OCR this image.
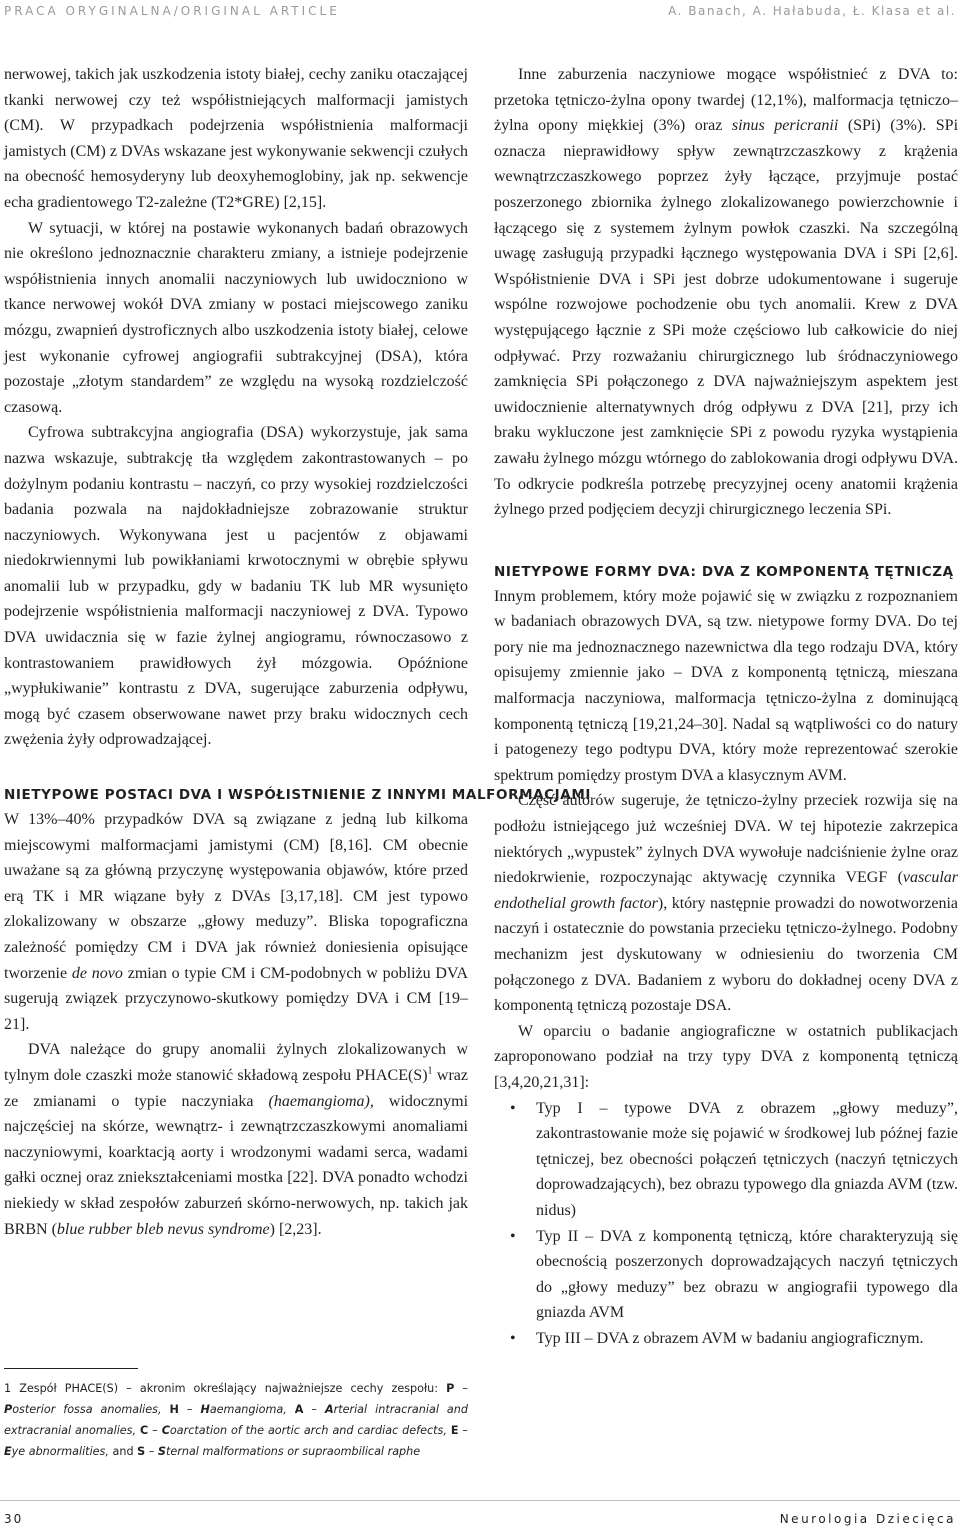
PRACA ORYGINALNA/ORIGINAL ARTICLE	A. Banach, A. Hałabuda, Ł. Klasa et al.

nerwowej, takich jak uszkodzenia istoty białej, cechy zaniku otaczającej tkanki nerwowej czy też współistniejących malformacji jamistych (CM). W przypadkach podejrzenia współistnienia malformacji jamistych (CM) z DVAs wskazane jest wykonywanie sekwencji czułych na obecność hemosyderyny lub deoxyhemoglobiny, jak np. sekwencje echa gradientowego T2-zależne (T2*GRE) [2,15].

W sytuacji, w której na postawie wykonanych badań obrazowych nie określono jednoznacznie charakteru zmiany, a istnieje podejrzenie współistnienia innych anomalii naczyniowych lub uwidoczniono w tkance nerwowej wokół DVA zmiany w postaci miejscowego zaniku mózgu, zwapnień dystroficznych albo uszkodzenia istoty białej, celowe jest wykonanie cyfrowej angiografii subtrakcyjnej (DSA), która pozostaje „złotym standardem” ze względu na wysoką rozdzielczość czasową.

Cyfrowa subtrakcyjna angiografia (DSA) wykorzystuje, jak sama nazwa wskazuje, subtrakcję tła względem zakontrastowanych – po dożylnym podaniu kontrastu – naczyń, co przy wysokiej rozdzielczości badania pozwala na najdokładniejsze zobrazowanie struktur naczyniowych. Wykonywana jest u pacjentów z objawami niedokrwiennymi lub powikłaniami krwotocznymi w obrębie spływu anomalii lub w przypadku, gdy w badaniu TK lub MR wysunięto podejrzenie współistnienia malformacji naczyniowej z DVA. Typowo DVA uwidacznia się w fazie żylnej angiogramu, równoczasowo z kontrastowaniem prawidłowych żył mózgowia. Opóźnione „wypłukiwanie” kontrastu z DVA, sugerujące zaburzenia odpływu, mogą być czasem obserwowane nawet przy braku widocznych cech zwężenia żyły odprowadzającej.

NIETYPOWE POSTACI DVA I WSPÓŁISTNIENIE Z INNYMI MALFORMACJAMI

W 13%–40% przypadków DVA są związane z jedną lub kilkoma miejscowymi malformacjami jamistymi (CM) [8,16]. CM obecnie uważane są za główną przyczynę występowania objawów, które przed erą TK i MR wiązane były z DVAs [3,17,18]. CM jest typowo zlokalizowany w obszarze „głowy meduzy”. Bliska topograficzna zależność pomiędzy CM i DVA jak również doniesienia opisujące tworzenie de novo zmian o typie CM i CM-podobnych w pobliżu DVA sugerują związek przyczynowo-skutkowy pomiędzy DVA i CM [19–21].

DVA należące do grupy anomalii żylnych zlokalizowanych w tylnym dole czaszki może stanowić składową zespołu $PHACE(S)^1$ wraz ze zmianami o typie naczyniaka (haemangioma), widocznymi najczęściej na skórze, wewnątrz- i zewnątrzczaszkowymi anomaliami naczyniowymi, koarktacją aorty i wrodzonymi wadami serca, wadami gałki ocznej oraz zniekształceniami mostka [22]. DVA ponadto wchodzi niekiedy w skład zespołów zaburzeń skórno-nerwowych, np. takich jak BRBN (blue rubber bleb nevus syndrome) [2,23].

1 Zespół PHACE(S) – akronim określający najważniejsze cechy zespołu: P – Posterior fossa anomalies, H – Haemangioma, A – Arterial intracranial and extracranial anomalies, C – Coarctation of the aortic arch and cardiac defects, E – Eye abnormalities, and S – Sternal malformations or supraombilical raphe

Inne zaburzenia naczyniowe mogące współistnieć z DVA to: przetoka tętniczo-żylna opony twardej (12,1%), malformacja tętniczo–żylna opony miękkiej (3%) oraz sinus pericranii (SPi) (3%). SPi oznacza nieprawidłowy spływ zewnątrzczaszkowy z krążenia wewnątrzczaszkowego poprzez żyły łączące, przyjmuje postać poszerzonego zbiornika żylnego zlokalizowanego powierzchownie i łączącego się z systemem żylnym powłok czaszki. Na szczególną uwagę zasługują przypadki łącznego występowania DVA i SPi [2,6]. Współistnienie DVA i SPi jest dobrze udokumentowane i sugeruje wspólne rozwojowe pochodzenie obu tych anomalii. Krew z DVA występującego łącznie z SPi może częściowo lub całkowicie do niej odpływać. Przy rozważaniu chirurgicznego lub śródnaczyniowego zamknięcia SPi połączonego z DVA najważniejszym aspektem jest uwidocznienie alternatywnych dróg odpływu z DVA [21], przy ich braku wykluczone jest zamknięcie SPi z powodu ryzyka wystąpienia zawału żylnego mózgu wtórnego do zablokowania drogi odpływu DVA. To odkrycie podkreśla potrzebę precyzyjnej oceny anatomii krążenia żylnego przed podjęciem decyzji chirurgicznego leczenia SPi.

NIETYPOWE FORMY DVA: DVA Z KOMPONENTĄ TĘTNICZĄ

Innym problemem, który może pojawić się w związku z rozpoznaniem w badaniach obrazowych DVA, są tzw. nietypowe formy DVA. Do tej pory nie ma jednoznacznego nazewnictwa dla tego rodzaju DVA, który opisujemy zmiennie jako – DVA z komponentą tętniczą, mieszana malformacja naczyniowa, malformacja tętniczo-żylna z dominującą komponentą tętniczą [19,21,24–30]. Nadal są wątpliwości co do natury i patogenezy tego podtypu DVA, który może reprezentować szerokie spektrum pomiędzy prostym DVA a klasycznym AVM.

Część autorów sugeruje, że tętniczo-żylny przeciek rozwija się na podłożu istniejącego już wcześniej DVA. W tej hipotezie zakrzepica niektórych „wypustek” żylnych DVA wywołuje nadciśnienie żylne oraz niedokrwienie, rozpoczynając aktywację czynnika VEGF (vascular endothelial growth factor), który następnie prowadzi do nowotworzenia naczyń i ostatecznie do powstania przecieku tętniczo-żylnego. Podobny mechanizm jest dyskutowany w odniesieniu do tworzenia CM połączonego z DVA. Badaniem z wyboru do dokładnej oceny DVA z komponentą tętniczą pozostaje DSA.

W oparciu o badanie angiograficzne w ostatnich publikacjach zaproponowano podział na trzy typy DVA z komponentą tętniczą [3,4,20,21,31]:

• Typ I – typowe DVA z obrazem „głowy meduzy”, zakontrastowanie może się pojawić w środkowej lub późnej fazie tętniczej, bez obecności połączeń tętniczych (naczyń tętniczych doprowadzających), bez obrazu typowego dla gniazda AVM (tzw. nidus)
• Typ II – DVA z komponentą tętniczą, które charakteryzują się obecnością poszerzonych doprowadzających naczyń tętniczych do „głowy meduzy” bez obrazu w angiografii typowego dla gniazda AVM
• Typ III – DVA z obrazem AVM w badaniu angiograficznym.
30	Neurologia Dziecięca
